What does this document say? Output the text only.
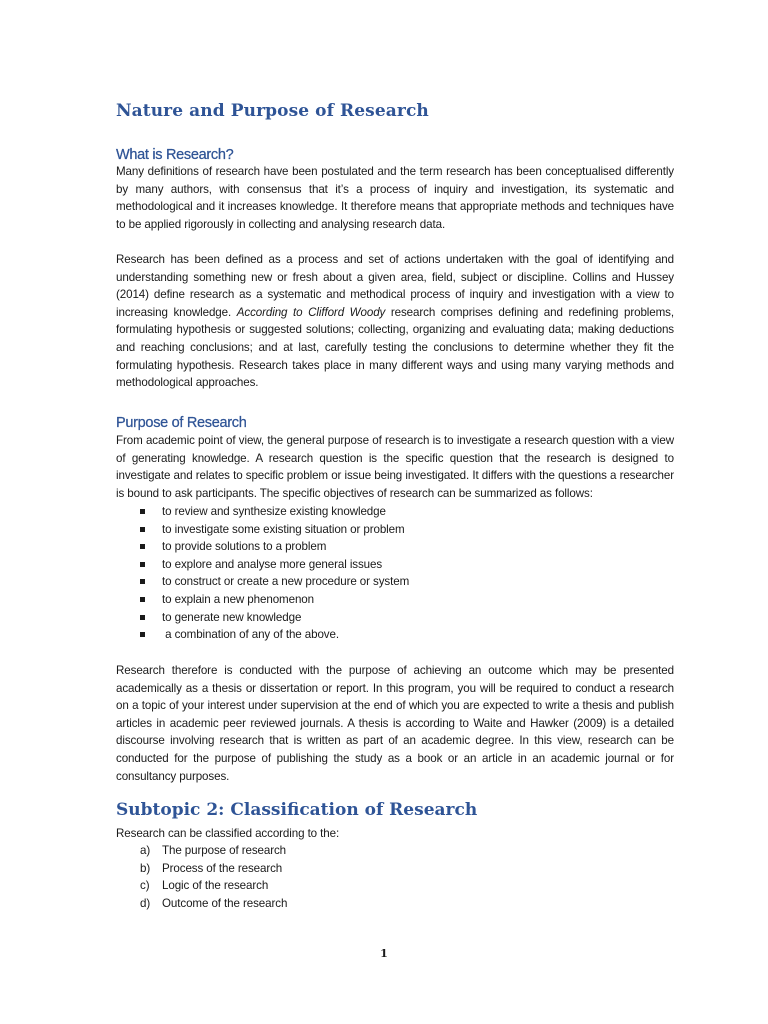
Nature and Purpose of Research
What is Research?
Many definitions of research have been postulated and the term research has been conceptualised differently by many authors, with consensus that it’s a process of inquiry and investigation, its systematic and methodological and it increases knowledge. It therefore means that appropriate methods and techniques have to be applied rigorously in collecting and analysing research data.
Research has been defined as a process and set of actions undertaken with the goal of identifying and understanding something new or fresh about a given area, field, subject or discipline. Collins and Hussey (2014) define research as a systematic and methodical process of inquiry and investigation with a view to increasing knowledge. According to Clifford Woody research comprises defining and redefining problems, formulating hypothesis or suggested solutions; collecting, organizing and evaluating data; making deductions and reaching conclusions; and at last, carefully testing the conclusions to determine whether they fit the formulating hypothesis. Research takes place in many different ways and using many varying methods and methodological approaches.
Purpose of Research
From academic point of view, the general purpose of research is to investigate a research question with a view of generating knowledge. A research question is the specific question that the research is designed to investigate and relates to specific problem or issue being investigated. It differs with the questions a researcher is bound to ask participants. The specific objectives of research can be summarized as follows:
to review and synthesize existing knowledge
to investigate some existing situation or problem
to provide solutions to a problem
to explore and analyse more general issues
to construct or create a new procedure or system
to explain a new phenomenon
to generate new knowledge
a combination of any of the above.
Research therefore is conducted with the purpose of achieving an outcome which may be presented academically as a thesis or dissertation or report. In this program, you will be required to conduct a research on a topic of your interest under supervision at the end of which you are expected to write a thesis and publish articles in academic peer reviewed journals. A thesis is according to Waite and Hawker (2009) is a detailed discourse involving research that is written as part of an academic degree. In this view, research can be conducted for the purpose of publishing the study as a book or an article in an academic journal or for consultancy purposes.
Subtopic 2: Classification of Research
Research can be classified according to the:
a) The purpose of research
b) Process of the research
c) Logic of the research
d) Outcome of the research
1
